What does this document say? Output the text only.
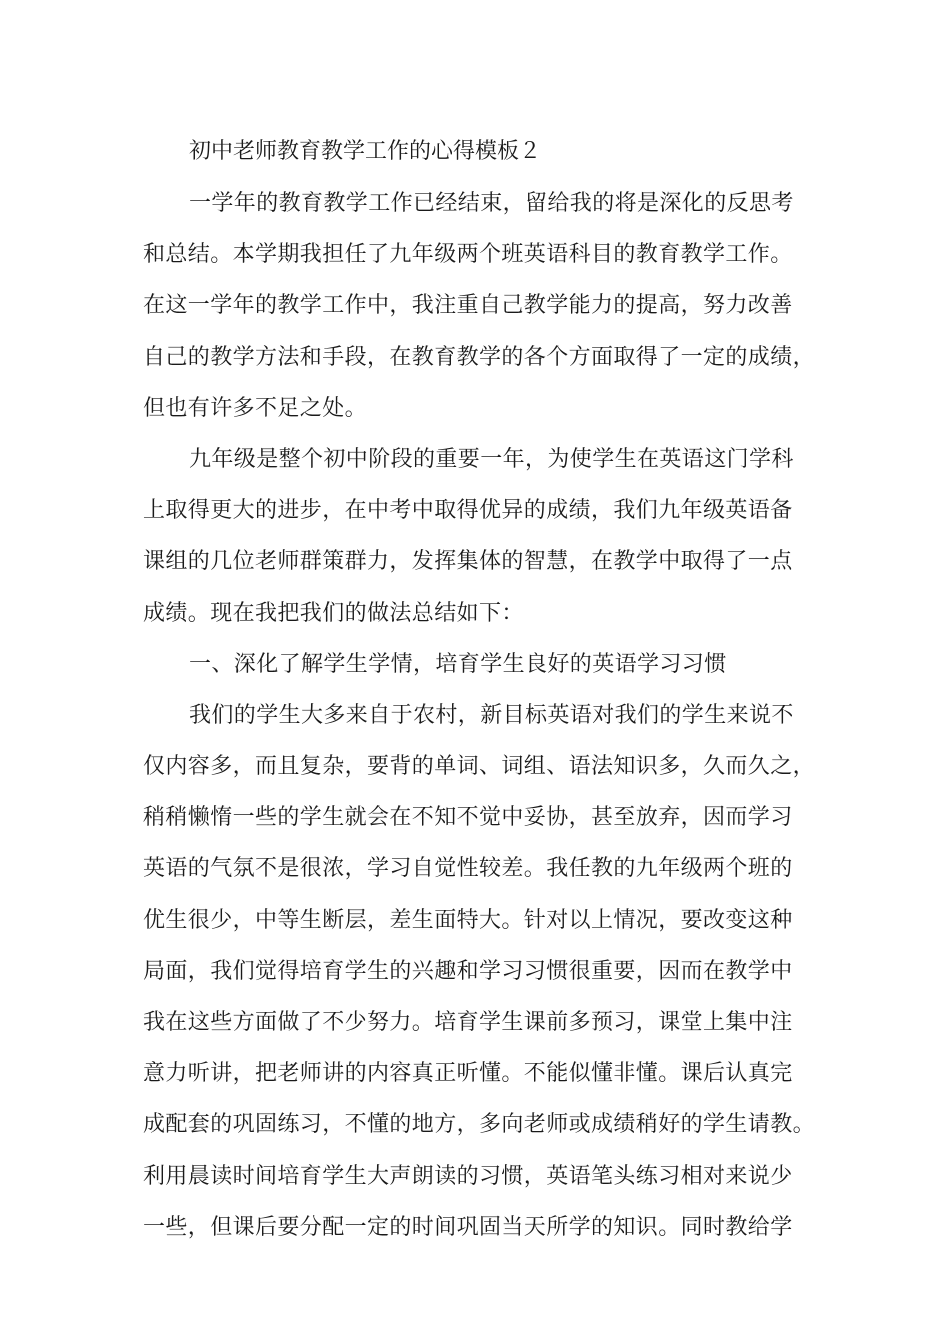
初中老师教育教学工作的心得模板２
一学年的教育教学工作已经结束，留给我的将是深化的反思考
和总结。本学期我担任了九年级两个班英语科目的教育教学工作。
在这一学年的教学工作中，我注重自己教学能力的提高，努力改善
自己的教学方法和手段，在教育教学的各个方面取得了一定的成绩，
但也有许多不足之处。
九年级是整个初中阶段的重要一年，为使学生在英语这门学科
上取得更大的进步，在中考中取得优异的成绩，我们九年级英语备
课组的几位老师群策群力，发挥集体的智慧，在教学中取得了一点
成绩。现在我把我们的做法总结如下：
一、深化了解学生学情，培育学生良好的英语学习习惯
我们的学生大多来自于农村，新目标英语对我们的学生来说不
仅内容多，而且复杂，要背的单词、词组、语法知识多，久而久之，
稍稍懒惰一些的学生就会在不知不觉中妥协，甚至放弃，因而学习
英语的气氛不是很浓，学习自觉性较差。我任教的九年级两个班的
优生很少，中等生断层，差生面特大。针对以上情况，要改变这种
局面，我们觉得培育学生的兴趣和学习习惯很重要，因而在教学中
我在这些方面做了不少努力。培育学生课前多预习，课堂上集中注
意力听讲，把老师讲的内容真正听懂。不能似懂非懂。课后认真完
成配套的巩固练习，不懂的地方，多向老师或成绩稍好的学生请教。
利用晨读时间培育学生大声朗读的习惯，英语笔头练习相对来说少
一些，但课后要分配一定的时间巩固当天所学的知识。同时教给学
